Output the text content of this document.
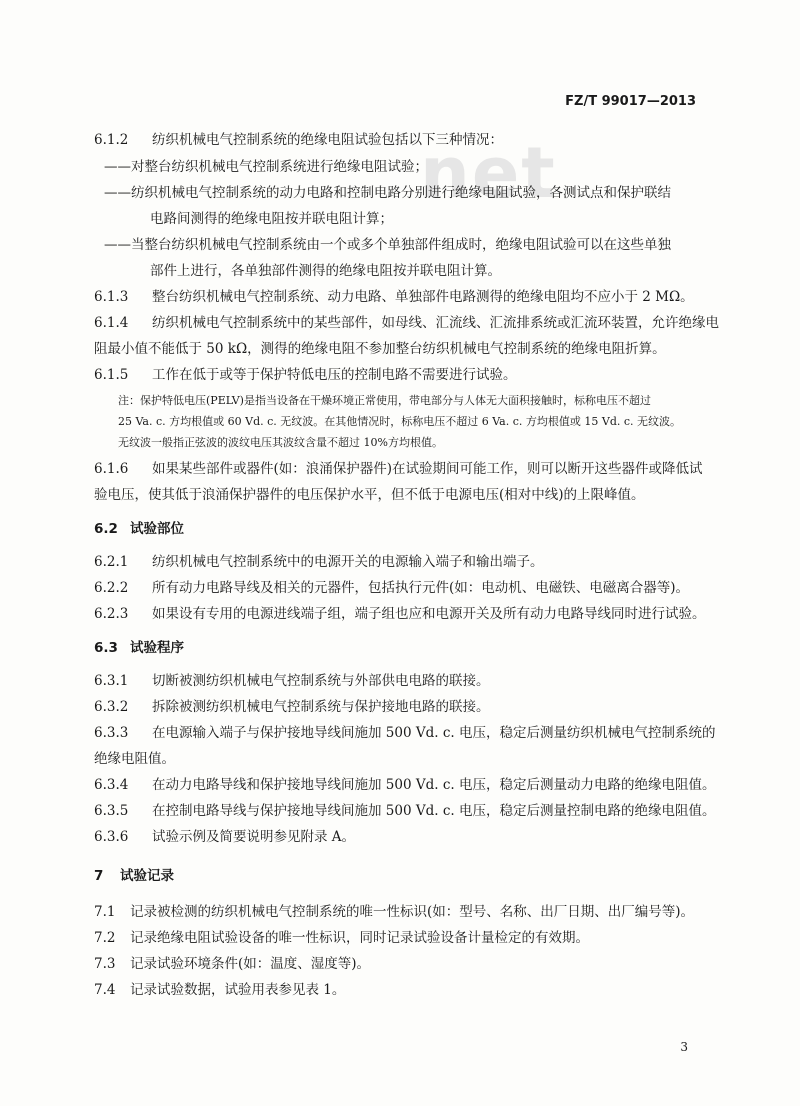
net
FZ/T 99017—2013
6.1.2 纺织机械电气控制系统的绝缘电阻试验包括以下三种情况：
——对整台纺织机械电气控制系统进行绝缘电阻试验；
——纺织机械电气控制系统的动力电路和控制电路分别进行绝缘电阻试验，各测试点和保护联结
电路间测得的绝缘电阻按并联电阻计算；
——当整台纺织机械电气控制系统由一个或多个单独部件组成时，绝缘电阻试验可以在这些单独
部件上进行，各单独部件测得的绝缘电阻按并联电阻计算。
6.1.3 整台纺织机械电气控制系统、动力电路、单独部件电路测得的绝缘电阻均不应小于 2 MΩ。
6.1.4 纺织机械电气控制系统中的某些部件，如母线、汇流线、汇流排系统或汇流环装置，允许绝缘电
阻最小值不能低于 50 kΩ，测得的绝缘电阻不参加整台纺织机械电气控制系统的绝缘电阻折算。
6.1.5 工作在低于或等于保护特低电压的控制电路不需要进行试验。
注：保护特低电压(PELV)是指当设备在干燥环境正常使用，带电部分与人体无大面积接触时，标称电压不超过
25 Va. c. 方均根值或 60 Vd. c. 无纹波。在其他情况时，标称电压不超过 6 Va. c. 方均根值或 15 Vd. c. 无纹波。
无纹波一般指正弦波的波纹电压其波纹含量不超过 10%方均根值。
6.1.6 如果某些部件或器件(如：浪涌保护器件)在试验期间可能工作，则可以断开这些器件或降低试
验电压，使其低于浪涌保护器件的电压保护水平，但不低于电源电压(相对中线)的上限峰值。
6.2 试验部位
6.2.1 纺织机械电气控制系统中的电源开关的电源输入端子和输出端子。
6.2.2 所有动力电路导线及相关的元器件，包括执行元件(如：电动机、电磁铁、电磁离合器等)。
6.2.3 如果设有专用的电源进线端子组，端子组也应和电源开关及所有动力电路导线同时进行试验。
6.3 试验程序
6.3.1 切断被测纺织机械电气控制系统与外部供电电路的联接。
6.3.2 拆除被测纺织机械电气控制系统与保护接地电路的联接。
6.3.3 在电源输入端子与保护接地导线间施加 500 Vd. c. 电压，稳定后测量纺织机械电气控制系统的
绝缘电阻值。
6.3.4 在动力电路导线和保护接地导线间施加 500 Vd. c. 电压，稳定后测量动力电路的绝缘电阻值。
6.3.5 在控制电路导线与保护接地导线间施加 500 Vd. c. 电压，稳定后测量控制电路的绝缘电阻值。
6.3.6 试验示例及简要说明参见附录 A。
7 试验记录
7.1 记录被检测的纺织机械电气控制系统的唯一性标识(如：型号、名称、出厂日期、出厂编号等)。
7.2 记录绝缘电阻试验设备的唯一性标识，同时记录试验设备计量检定的有效期。
7.3 记录试验环境条件(如：温度、湿度等)。
7.4 记录试验数据，试验用表参见表 1。
3
